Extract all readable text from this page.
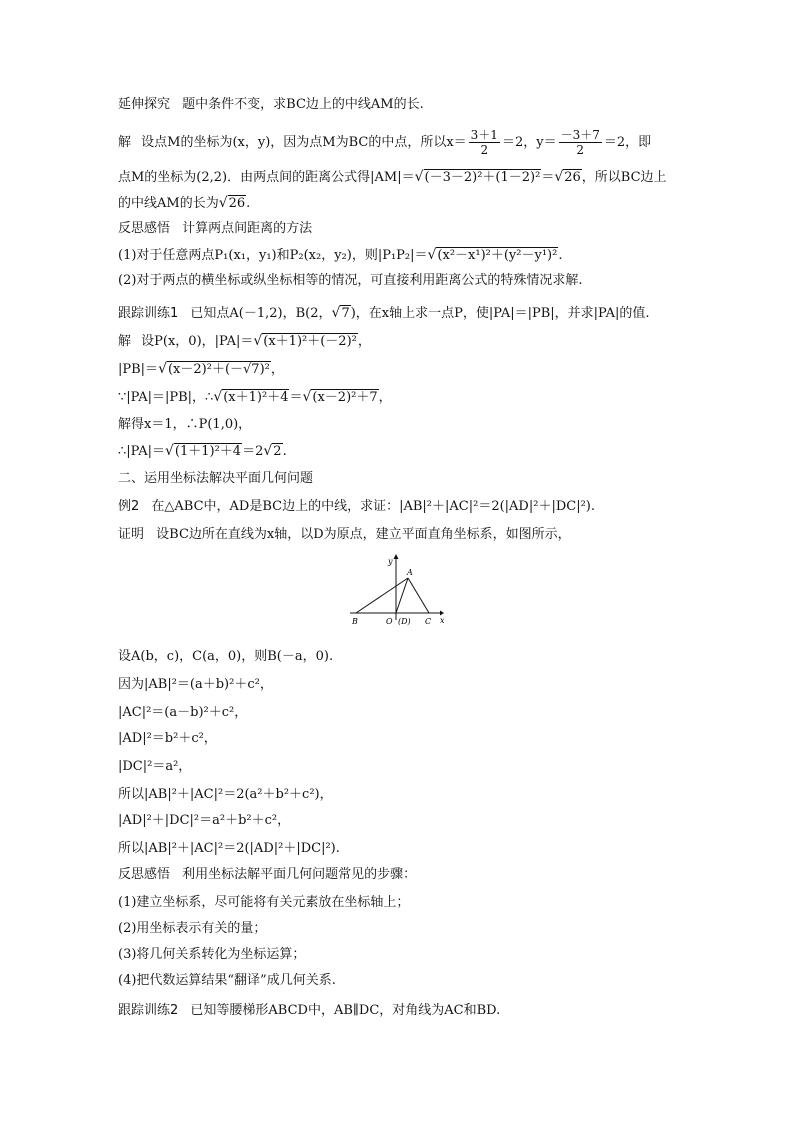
延伸探究 题中条件不变，求BC边上的中线AM的长.
解 设点M的坐标为(x，y)，因为点M为BC的中点，所以$x= \frac{3+1}{2} =2$，$y= \frac{-3+7}{2} =2$，即
点M的坐标为(2,2)．由两点间的距离公式得|AM|＝√(－3－2)²＋(1－2)²＝√26，所以BC边上
的中线AM的长为√26.
反思感悟 计算两点间距离的方法
(1)对于任意两点P₁(x₁，y₁)和P₂(x₂，y₂)，则|P₁P₂|＝√(x²－x¹)²＋(y²－y¹)².
(2)对于两点的横坐标或纵坐标相等的情况，可直接利用距离公式的特殊情况求解.
跟踪训练1 已知点A(－1,2)，B(2，√7)，在x轴上求一点P，使|PA|＝|PB|，并求|PA|的值.
解 设P(x，0)，|PA|＝√(x＋1)²＋(－2)²，
|PB|＝√(x－2)²＋(－√7)²，
∵|PA|＝|PB|，∴√(x＋1)²＋4＝√(x－2)²＋7，
解得x＝1，∴P(1,0)，
∴|PA|＝√(1＋1)²＋4＝2√2.
二、运用坐标法解决平面几何问题
例2 在△ABC中，AD是BC边上的中线，求证：|AB|²＋|AC|²＝2(|AD|²＋|DC|²).
证明 设BC边所在直线为x轴，以D为原点，建立平面直角坐标系，如图所示，
y
x
A
B	O (D) C
设A(b，c)，C(a，0)，则B(－a，0).
因为|AB|²＝(a＋b)²＋c²，
|AC|²＝(a－b)²＋c²，
|AD|²＝b²＋c²，
|DC|²＝a²，
所以|AB|²＋|AC|²＝2(a²＋b²＋c²)，
|AD|²＋|DC|²＝a²＋b²＋c²，
所以|AB|²＋|AC|²＝2(|AD|²＋|DC|²).
反思感悟 利用坐标法解平面几何问题常见的步骤：
(1)建立坐标系，尽可能将有关元素放在坐标轴上；
(2)用坐标表示有关的量；
(3)将几何关系转化为坐标运算；
(4)把代数运算结果“翻译”成几何关系.
跟踪训练2 已知等腰梯形ABCD中，AB∥DC，对角线为AC和BD.
